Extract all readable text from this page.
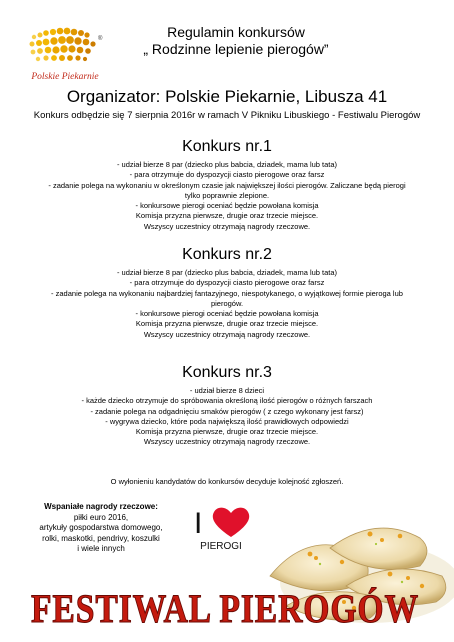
®
Polskie Piekarnie
Regulamin konkursów
„ Rodzinne lepienie pierogów”
Organizator: Polskie Piekarnie, Libusza 41
Konkurs odbędzie się 7 sierpnia 2016r w ramach V Pikniku Libuskiego - Festiwalu Pierogów
Konkurs nr.1
- udział bierze 8 par (dziecko plus babcia, dziadek, mama lub tata)
- para otrzymuje do dyspozycji ciasto pierogowe oraz farsz
- zadanie polega na wykonaniu w określonym czasie jak największej ilości pierogów. Zaliczane będą pierogi
tylko poprawnie zlepione.
- konkursowe pierogi oceniać będzie powołana komisja
Komisja przyzna pierwsze, drugie oraz trzecie miejsce.
Wszyscy uczestnicy otrzymają nagrody rzeczowe.
Konkurs nr.2
- udział bierze 8 par (dziecko plus babcia, dziadek, mama lub tata)
- para otrzymuje do dyspozycji ciasto pierogowe oraz farsz
- zadanie polega na wykonaniu najbardziej fantazyjnego, niespotykanego, o wyjątkowej formie pieroga lub
pierogów.
- konkursowe pierogi oceniać będzie powołana komisja
Komisja przyzna pierwsze, drugie oraz trzecie miejsce.
Wszyscy uczestnicy otrzymają nagrody rzeczowe.
Konkurs nr.3
- udział bierze 8 dzieci
- każde dziecko otrzymuje do spróbowania określoną ilość pierogów o różnych farszach
- zadanie polega na odgadnięciu smaków pierogów ( z czego wykonany jest farsz)
- wygrywa dziecko, które poda największą ilość prawidłowych odpowiedzi
Komisja przyzna pierwsze, drugie oraz trzecie miejsce.
Wszyscy uczestnicy otrzymają nagrody rzeczowe.
O wyłonieniu kandydatów do konkursów decyduje kolejność zgłoszeń.
Wspaniałe nagrody rzeczowe:
piłki euro 2016,
artykuły gospodarstwa domowego,
rolki, maskotki, pendrivy, koszulki
i wiele innych
I
PIEROGI
FESTIWAL PIEROGÓW
